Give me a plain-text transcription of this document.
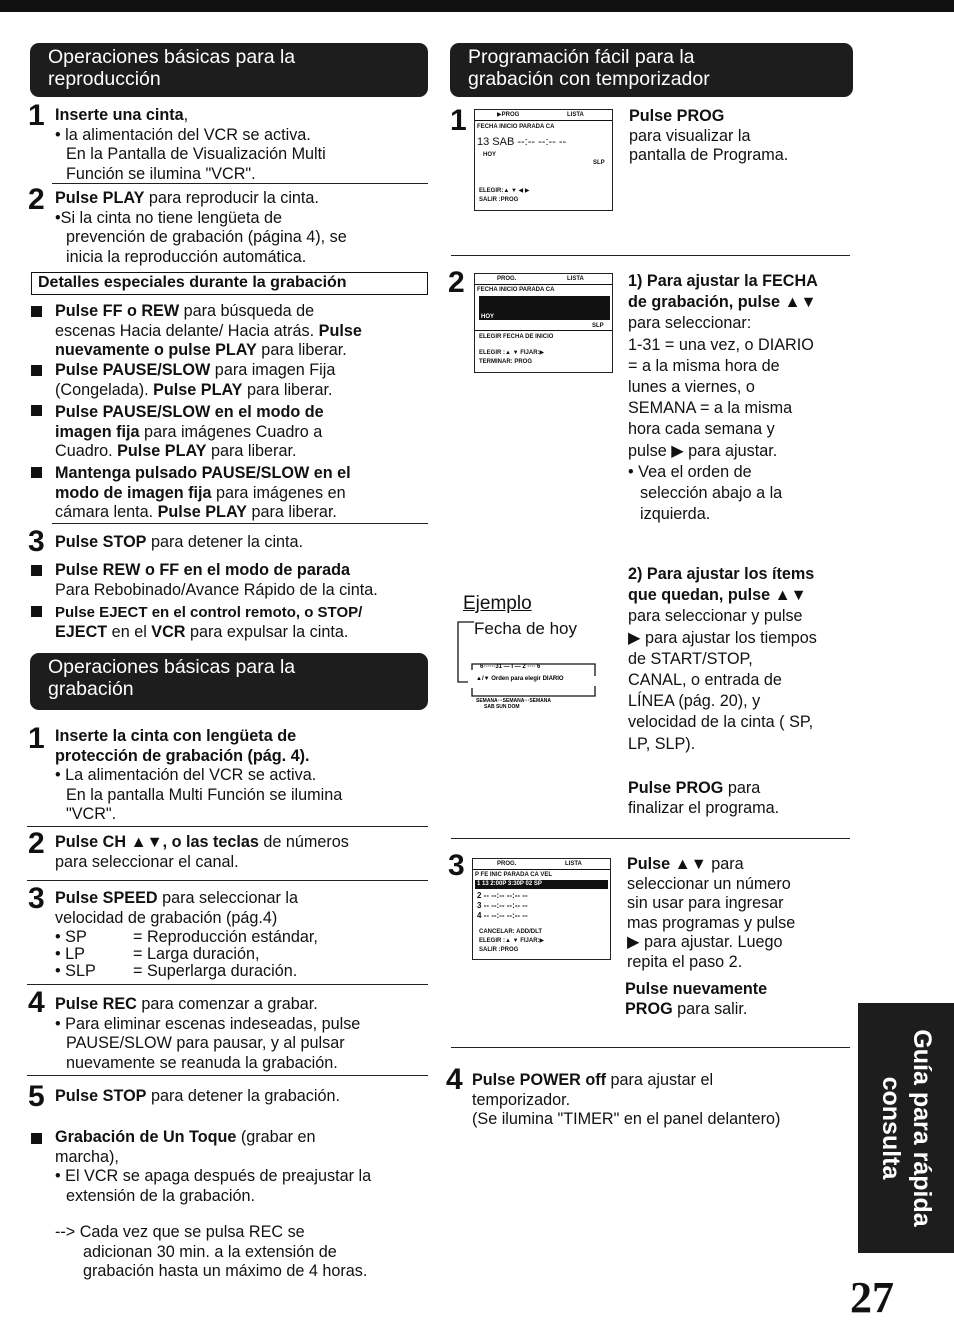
Operaciones básicas para la
reproducción
1 Inserte una cinta,
• la alimentación del VCR se activa.
En la Pantalla de Visualización Multi
Función se ilumina "VCR".
2 Pulse PLAY para reproducir la cinta.
•Si la cinta no tiene lengüeta de
prevención de grabación (página 4), se
inicia la reproducción automática.
Detalles especiales durante la grabación
Pulse FF o REW para búsqueda de
escenas Hacia delante/ Hacia atrás. Pulse
nuevamente o pulse PLAY para liberar.
Pulse PAUSE/SLOW para imagen Fija
(Congelada). Pulse PLAY para liberar.
Pulse PAUSE/SLOW en el modo de
imagen fija para imágenes Cuadro a
Cuadro. Pulse PLAY para liberar.
Mantenga pulsado PAUSE/SLOW en el
modo de imagen fija para imágenes en
cámara lenta. Pulse PLAY para liberar.
3 Pulse STOP para detener la cinta.
Pulse REW o FF en el modo de parada
Para Rebobinado/Avance Rápido de la cinta.
Pulse EJECT en el control remoto, o STOP/
EJECT en el VCR para expulsar la cinta.
Operaciones básicas para la
grabación
1 Inserte la cinta con lengüeta de
protección de grabación (pág. 4).
• La alimentación del VCR se activa.
En la pantalla Multi Función se ilumina
"VCR".
2 Pulse CH ▲▼, o las teclas de números
para seleccionar el canal.
3 Pulse SPEED para seleccionar la
velocidad de grabación (pág.4)
• SP	= Reproducción estándar,
• LP	= Larga duración,
• SLP = Superlarga duración.
4 Pulse REC para comenzar a grabar.
• Para eliminar escenas indeseadas, pulse
PAUSE/SLOW para pausar, y al pulsar
nuevamente se reanuda la grabación.
5 Pulse STOP para detener la grabación.
Grabación de Un Toque (grabar en
marcha),
• El VCR se apaga después de preajustar la
extensión de la grabación.
--> Cada vez que se pulsa REC se
adicionan 30 min. a la extensión de
grabación hasta un máximo de 4 horas.
Programación fácil para la
grabación con temporizador
1	▶PROG	LISTA
FECHA INICIO PARADA CA
13 SAB --:-- --:-- --
HOY
SLP
ELEGIR:▲ ▼ ◀ ▶
SALIR :PROG
Pulse PROG
para visualizar la
pantalla de Programa.
2	PROG.	LISTA
FECHA INICIO PARADA CA
HOY
SLP
ELEGIR FECHA DE INICIO
ELEGIR :▲ ▼ FIJAR:▶
TERMINAR: PROG
1) Para ajustar la FECHA
de grabación, pulse ▲▼
para seleccionar:
1-31 = una vez, o DIARIO
= a la misma hora de
lunes a viernes, o
SEMANA = a la misma
hora cada semana y
pulse ▶ para ajustar.
• Vea el orden de
selección abajo a la
izquierda.
Ejemplo
Fecha de hoy
6······31 — I — 2 ···· 6
▲/▼ Orden para elegir DIARIO
SEMANA···SEMANA···SEMANA
SAB SUN DOM
2) Para ajustar los ítems
que quedan, pulse ▲▼
para seleccionar y pulse
▶ para ajustar los tiempos
de START/STOP,
CANAL, o entrada de
LÍNEA (pág. 20), y
velocidad de la cinta ( SP,
LP, SLP).
Pulse PROG para
finalizar el programa.
3	PROG.	LISTA
P FE INIC PARADA CA VEL
1 13 2:00P 3:30P 02 SP
2 -- --:-- --:-- --
3 -- --:-- --:-- --
4 -- --:-- --:-- --
CANCELAR: ADD/DLT
ELEGIR :▲ ▼ FIJAR:▶
SALIR :PROG
Pulse ▲▼ para
seleccionar un número
sin usar para ingresar
mas programas y pulse
▶ para ajustar. Luego
repita el paso 2.
Pulse nuevamente
PROG para salir.
4 Pulse POWER off para ajustar el
temporizador.
(Se ilumina "TIMER" en el panel delantero)	Guía para rápida
consulta
27
